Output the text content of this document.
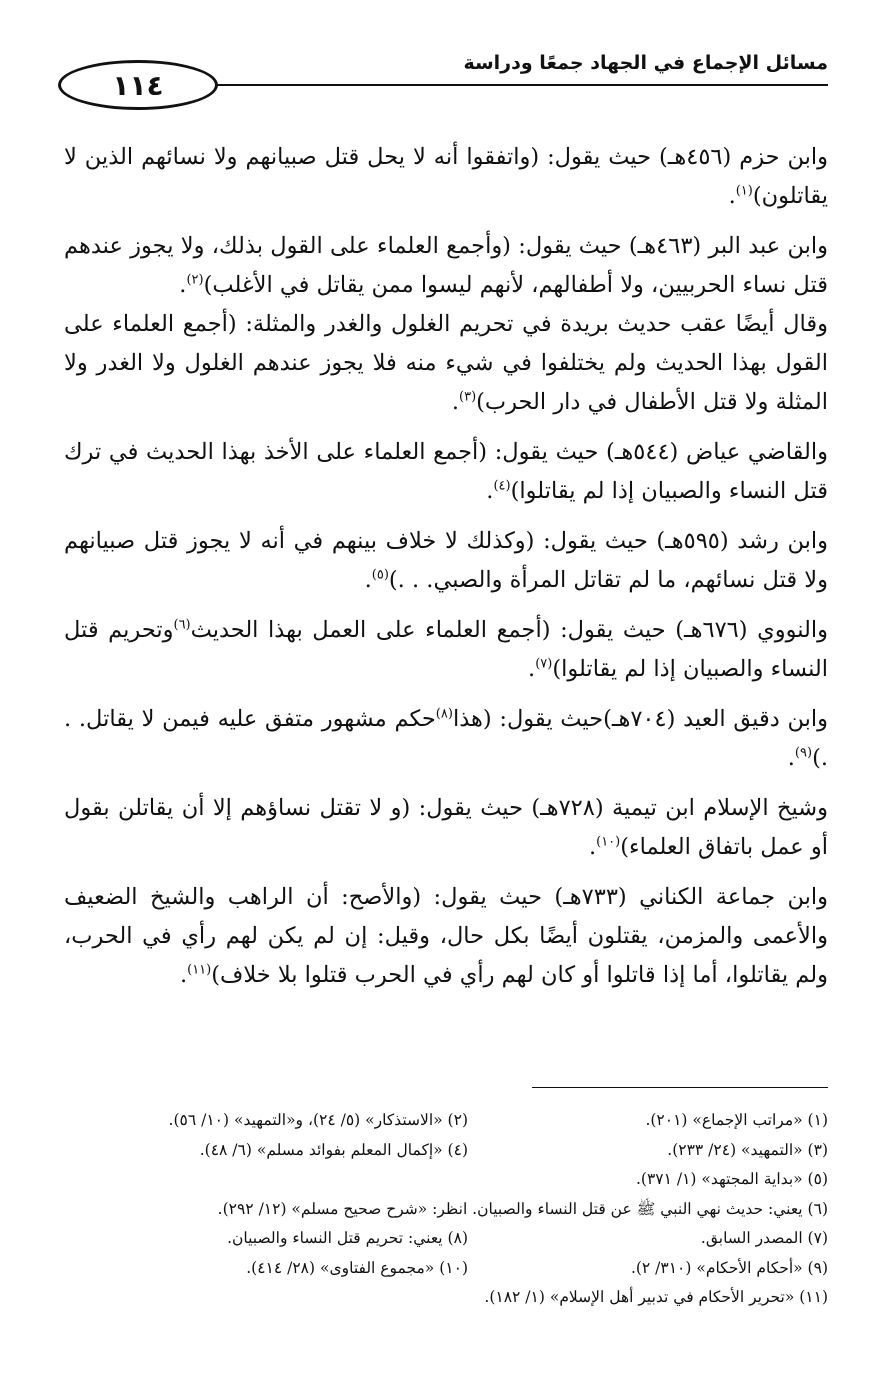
مسائل الإجماع في الجهاد جمعًا ودراسة
١١٤

وابن حزم (٤٥٦هـ) حيث يقول: (واتفقوا أنه لا يحل قتل صبيانهم ولا نسائهم الذين لا يقاتلون)$^{(١)}$.

وابن عبد البر (٤٦٣هـ) حيث يقول: (وأجمع العلماء على القول بذلك، ولا يجوز عندهم قتل نساء الحربيين، ولا أطفالهم، لأنهم ليسوا ممن يقاتل في الأغلب)$^{(٢)}$.
وقال أيضًا عقب حديث بريدة في تحريم الغلول والغدر والمثلة: (أجمع العلماء على القول بهذا الحديث ولم يختلفوا في شيء منه فلا يجوز عندهم الغلول ولا الغدر ولا المثلة ولا قتل الأطفال في دار الحرب)$^{(٣)}$.

والقاضي عياض (٥٤٤هـ) حيث يقول: (أجمع العلماء على الأخذ بهذا الحديث في ترك قتل النساء والصبيان إذا لم يقاتلوا)$^{(٤)}$.

وابن رشد (٥٩٥هـ) حيث يقول: (وكذلك لا خلاف بينهم في أنه لا يجوز قتل صبيانهم ولا قتل نسائهم، ما لم تقاتل المرأة والصبي. . .)$^{(٥)}$.

والنووي (٦٧٦هـ) حيث يقول: (أجمع العلماء على العمل بهذا الحديث$^{(٦)}$وتحريم قتل النساء والصبيان إذا لم يقاتلوا)$^{(٧)}$.

وابن دقيق العيد (٧٠٤هـ)حيث يقول: (هذا$^{(٨)}$حكم مشهور متفق عليه فيمن لا يقاتل. . .)$^{(٩)}$.

وشيخ الإسلام ابن تيمية (٧٢٨هـ) حيث يقول: (و لا تقتل نساؤهم إلا أن يقاتلن بقول أو عمل باتفاق العلماء)$^{(١٠)}$.

وابن جماعة الكناني (٧٣٣هـ) حيث يقول: (والأصح: أن الراهب والشيخ الضعيف والأعمى والمزمن، يقتلون أيضًا بكل حال، وقيل: إن لم يكن لهم رأي في الحرب، ولم يقاتلوا، أما إذا قاتلوا أو كان لهم رأي في الحرب قتلوا بلا خلاف)$^{(١١)}$.

(١) «مراتب الإجماع» (٢٠١).
(٢) «الاستذكار» (٥/ ٢٤)، و«التمهيد» (١٠/ ٥٦).
(٣) «التمهيد» (٢٤/ ٢٣٣).
(٤) «إكمال المعلم بفوائد مسلم» (٦/ ٤٨).
(٥) «بداية المجتهد» (١/ ٣٧١).
(٦) يعني: حديث نهي النبي ﷺ عن قتل النساء والصبيان. انظر: «شرح صحيح مسلم» (١٢/ ٢٩٢).
(٧) المصدر السابق.
(٨) يعني: تحريم قتل النساء والصبيان.
(٩) «أحكام الأحكام» (٣١٠/ ٢).
(١٠) «مجموع الفتاوى» (٢٨/ ٤١٤).
(١١) «تحرير الأحكام في تدبير أهل الإسلام» (١/ ١٨٢).
